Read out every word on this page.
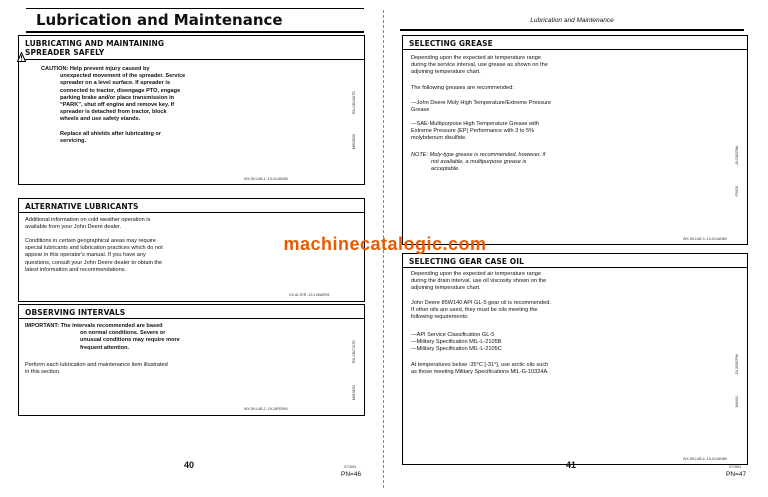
Lubrication and Maintenance
LUBRICATING AND MAINTAINING
SPREADER SAFELY
CAUTION: Help prevent injury caused by
unexpected movement of the spreader. Service
spreader on a level surface. If spreader is
connected to tractor, disengage PTO, engage
parking brake and/or place transmission in
“PARK”, shut off engine and remove key. If
spreader is detached from tractor, block
wheels and use safety stands.
Replace all shields after lubricating or
servicing.
RN-CBC6A7D
MWSE00
WX,SKLUB,1 -19-01JAN89
ALTERNATIVE LUBRICANTS
Additional information on cold weather operation is
available from your John Deere dealer.
Conditions in certain geographical areas may require
special lubricants and lubrication practices which do not
appear in this operator's manual. If you have any
questions, consult your John Deere dealer to obtain the
latest information and recommendations.
DX,ALTER -19-12MAR91
OBSERVING INTERVALS
IMPORTANT: The intervals recommended are based
on normal conditions. Severe or
unusual conditions may require more
frequent attention.
Perform each lubrication and maintenance item illustrated
in this section.
RN-CBC7A7D
MWSE00
WX,SKLUB,2 -19-28FEB91
40	071593
PN=46
Lubrication and Maintenance
SELECTING GREASE
Depending upon the expected air temperature range
during the service interval, use grease as shown on the
adjoining temperature chart.
The following greases are recommended:
—John Deere Moly High Temperature/Extreme Pressure
Grease
—SAE-Multipurpose High Temperature Grease with
Extreme Pressure (EP) Performance with 3 to 5%
molybdenum disulfide.
NOTE: Moly-type grease is recommended, however, if
not available, a multipurpose grease is
acceptable.
-19-01BZ5M
P5928
WX,SKLUB,3 -19-01JAN89
SELECTING GEAR CASE OIL
Depending upon the expected air temperature range
during the drain interval, use oil viscosity shown on the
adjoining temperature chart.
John Deere 85W140 API GL-5 gear oil is recommended.
If other oils are used, they must be oils meeting the
following requirements:
—API Service Classification GL-5
—Military Specification MIL-L-2105B
—Military Specification MIL-L-2105C
At temperatures below -35°C [-31°], use arctic oils such
as those meeting Military Specifications MIL-G-10324A.	-19-30SEP96
W6002
WX,SKLUB,4 -19-01JAN89
41	071593
PN=47
machinecatalogic.com
